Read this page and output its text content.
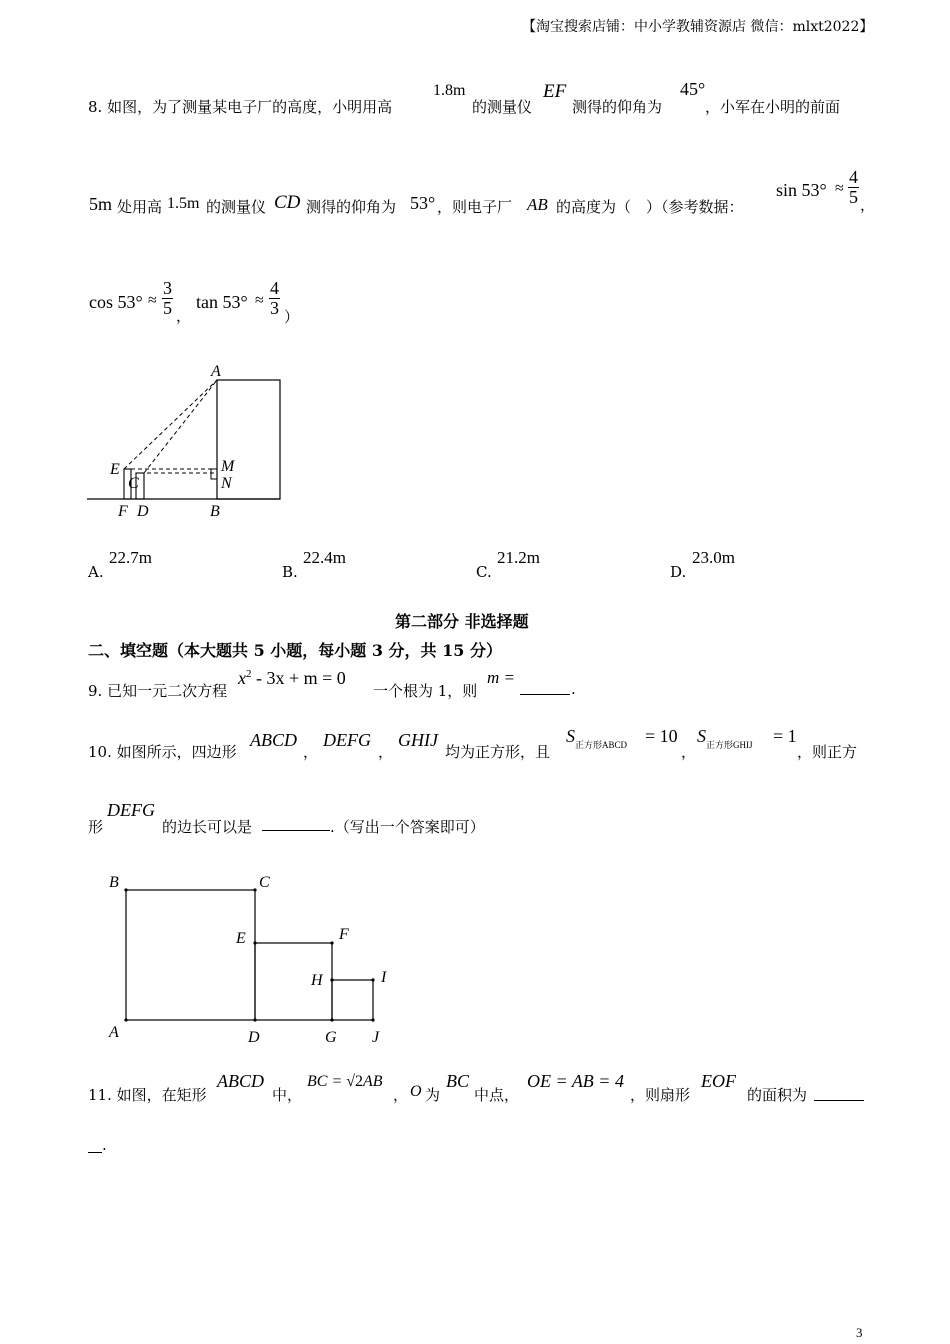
【淘宝搜索店铺：中小学教辅资源店 微信：mlxt2022】
8. 如图，为了测量某电子厂的高度，小明用高
1.8m
的测量仪
EF
测得的仰角为
45°
，小军在小明的前面
5m 处用高 1.5m 的测量仪 CD 测得的仰角为 53° ，则电子厂 AB 的高度为（　）（参考数据：
$\sin 53^\circ \approx \frac{4}{5}$ ，
$\cos 53^\circ \approx \frac{3}{5}$ ，
$\tan 53^\circ \approx \frac{4}{3}$ ）
A
E
C
M
N
F D	B
A.
22.7m
B.
22.4m
C.
21.2m
D.
23.0m
第二部分 非选择题
二、填空题（本大题共 5 小题，每小题 3 分，共 15 分）
9. 已知一元二次方程
$x^2 - 3x + m = 0$
一个根为 1，则
m =
.
10. 如图所示，四边形
ABCD
，
DEFG
，
GHIJ
均为正方形，且
$S_{正方形ABCD} = 10$
，
$S_{正方形GHIJ} = 1$
，则正方
形
DEFG
的边长可以是	.（写出一个答案即可）
B	C
E	F
H	I
A	D	G J
11. 如图，在矩形
ABCD
中，
BC = √2AB
， O 为
BC
中点，
OE = AB = 4
，则扇形
EOF
的面积为
.
3
